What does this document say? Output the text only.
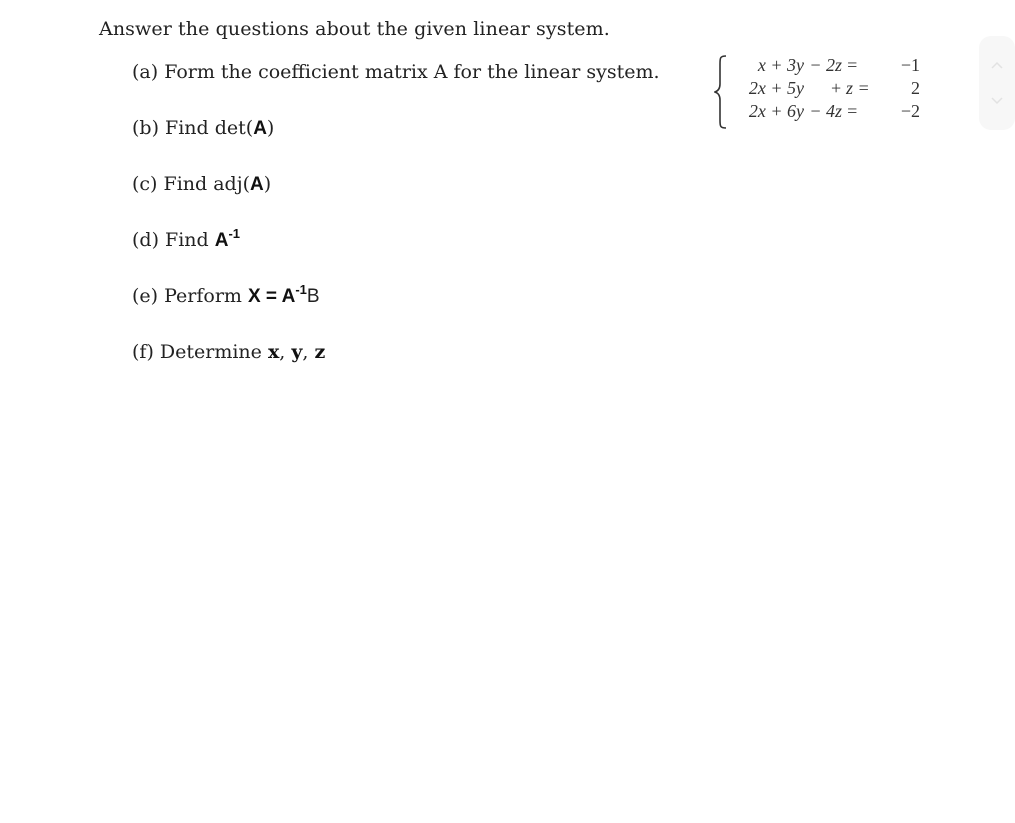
Answer the questions about the given linear system.
(a) Form the coefficient matrix A for the linear system.
(b) Find det(A)
(c) Find adj(A)
(d) Find $A^{-1}$
(e) Perform $X = A^{-1}B$
(f) Determine x, y, z
x + 3y − 2z =	−1
2x + 5y	+ z =	2
2x + 6y − 4z =	−2
